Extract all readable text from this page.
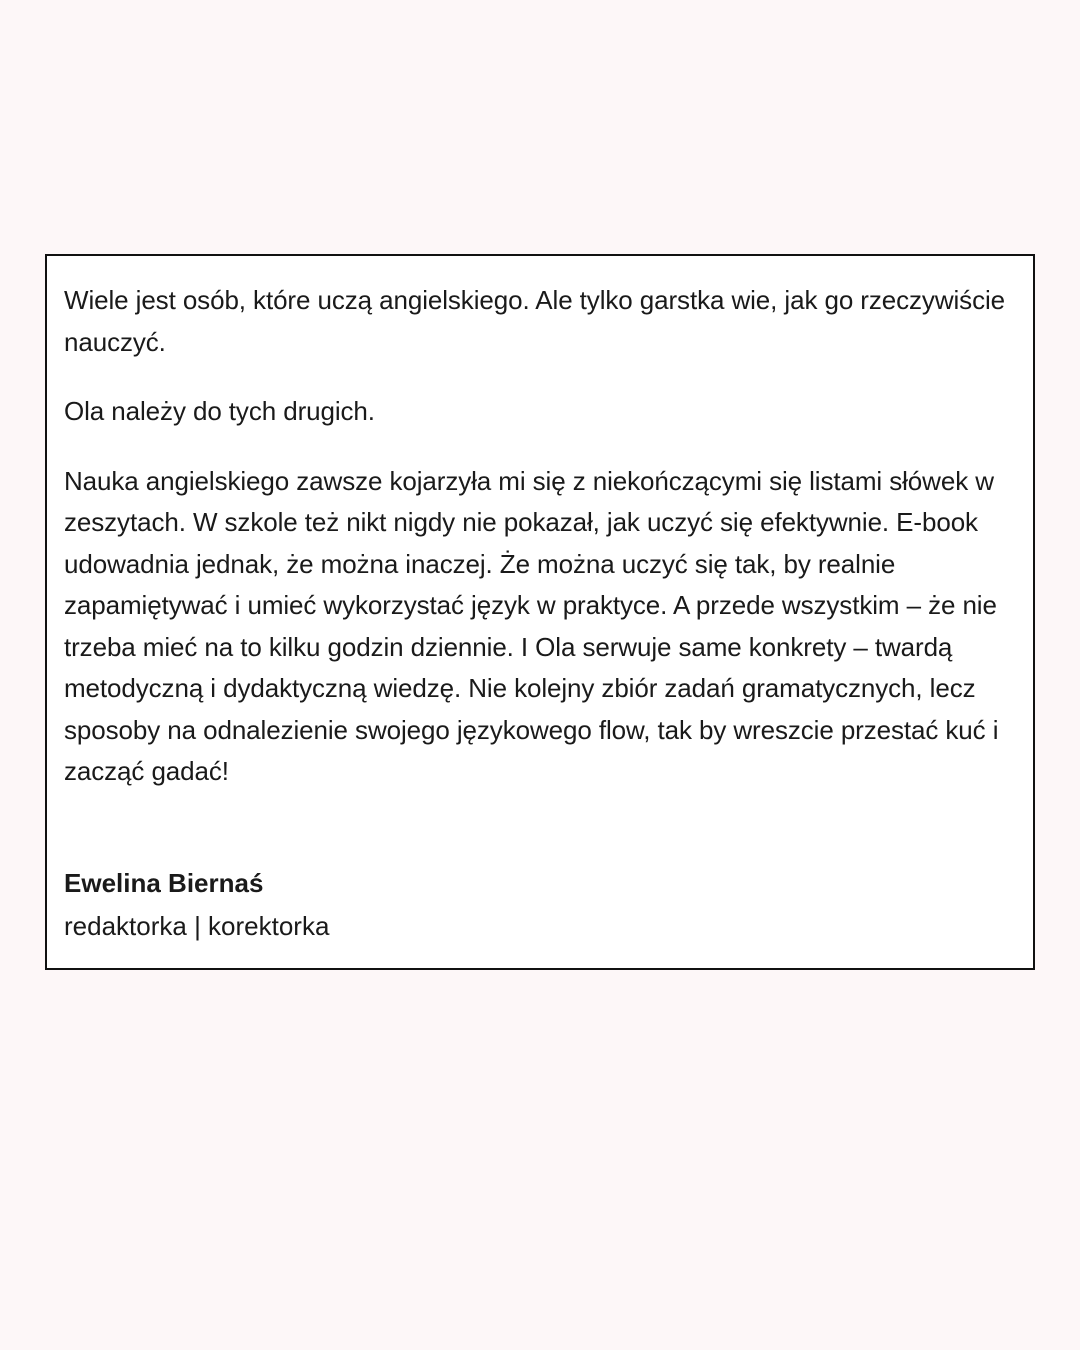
Wiele jest osób, które uczą angielskiego. Ale tylko garstka wie, jak go rzeczywiście nauczyć.

Ola należy do tych drugich.

Nauka angielskiego zawsze kojarzyła mi się z niekończącymi się listami słówek w zeszytach. W szkole też nikt nigdy nie pokazał, jak uczyć się efektywnie. E-book udowadnia jednak, że można inaczej. Że można uczyć się tak, by realnie zapamiętywać i umieć wykorzystać język w praktyce. A przede wszystkim – że nie trzeba mieć na to kilku godzin dziennie. I Ola serwuje same konkrety – twardą metodyczną i dydaktyczną wiedzę. Nie kolejny zbiór zadań gramatycznych, lecz sposoby na odnalezienie swojego językowego flow, tak by wreszcie przestać kuć i zacząć gadać!

Ewelina Biernaś

redaktorka | korektorka
